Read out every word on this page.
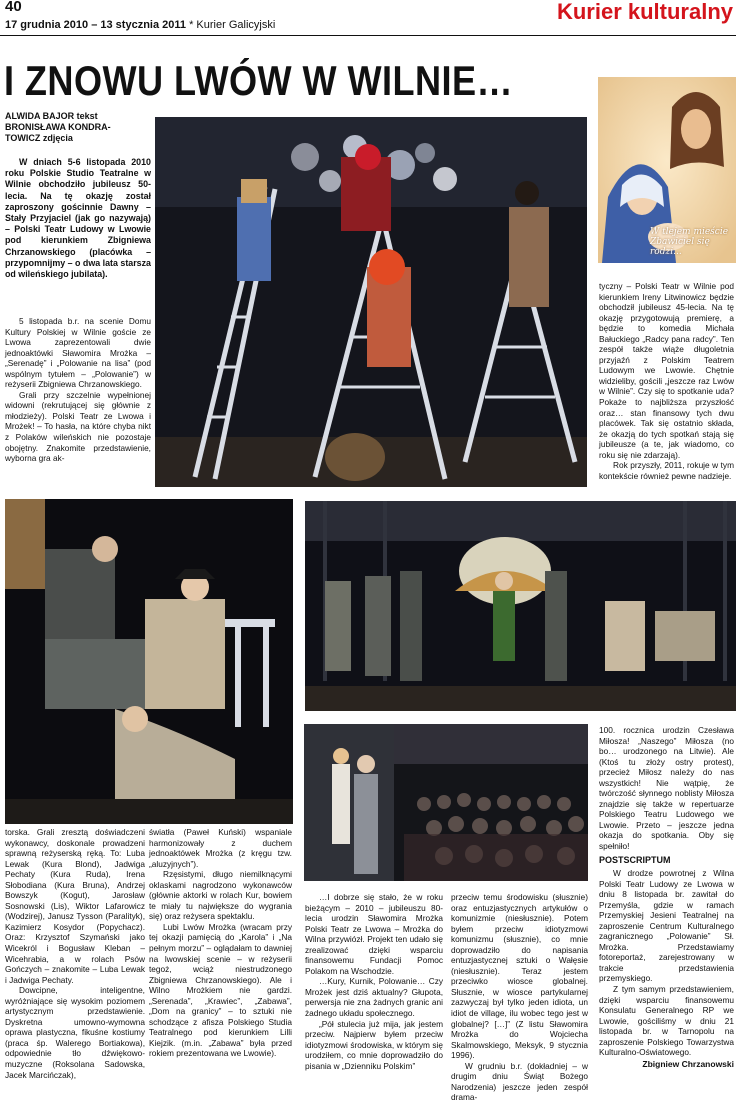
40
17 grudnia 2010 – 13 stycznia 2011 * Kurier Galicyjski
Kurier kulturalny
I ZNOWU LWÓW W WILNIE…
W tlejem mieście
Zbawiciel się rodzi...
ALWIDA BAJOR tekst
BRONISŁAWA KONDRA-
TOWICZ zdjęcia

W dniach 5-6 listopada 2010 roku Polskie Studio Teatralne w Wilnie obchodziło jubileusz 50-lecia. Na tę okazję został zaproszony gościnnie Dawny – Stały Przyjaciel (jak go nazywają) – Polski Teatr Ludowy w Lwowie pod kierunkiem Zbigniewa Chrzanowskiego (placówka – przypomnijmy – o dwa lata starsza od wileńskiego jubilata).

5 listopada b.r. na scenie Domu Kultury Polskiej w Wilnie goście ze Lwowa zaprezentowali dwie jednoaktówki Sławomira Mrożka – „Serenadę” i „Polowanie na lisa” (pod wspólnym tytułem – „Polowanie”) w reżyserii Zbigniewa Chrzanowskiego.

Grali przy szczelnie wypełnionej widowni (rekrutującej się głównie z młodzieży). Polski Teatr ze Lwowa i Mrożek! – To hasła, na które chyba nikt z Polaków wileńskich nie pozostaje obojętny. Znakomite przedstawienie, wyborna gra ak-

tyczny – Polski Teatr w Wilnie pod kierunkiem Ireny Litwinowicz będzie obchodził jubileusz 45-lecia. Na tę okazję przygotowują premierę, a będzie to komedia Michała Bałuckiego „Radcy pana radcy”. Ten zespół także wiąże długoletnia przyjaźń z Polskim Teatrem Ludowym we Lwowie. Chętnie widzieliby, gościli „jeszcze raz Lwów w Wilnie”. Czy się to spotkanie uda? Pokaże to najbliższa przyszłość oraz… stan finansowy tych dwu placówek. Tak się ostatnio składa, że okazją do tych spotkań stają się jubileusze (a te, jak wiadomo, co roku się nie zdarzają).

Rok przyszły, 2011, rokuje w tym kontekście również pewne nadzieje.

100. rocznica urodzin Czesława Miłosza! „Naszego” Miłosza (no bo… urodzonego na Litwie). Ale (Ktoś tu złoży ostry protest), przecież Miłosz należy do nas wszystkich! Nie wątpię, że twórczość słynnego noblisty Miłosza znajdzie się także w repertuarze Polskiego Teatru Ludowego we Lwowie. Przeto – jeszcze jedna okazja do spotkania. Oby się spełniło!

POSTSCRIPTUM

W drodze powrotnej z Wilna Polski Teatr Ludowy ze Lwowa w dniu 8 listopada br. zawitał do Przemyśla, gdzie w ramach Przemyskiej Jesieni Teatralnej na zaproszenie Centrum Kulturalnego zagranicznego „Polowanie” Sł. Mrożka. Przedstawiamy fotoreportaż, zarejestrowany w trakcie przedstawienia przemyskiego.

Z tym samym przedstawieniem, dzięki wsparciu finansowemu Konsulatu Generalnego RP we Lwowie, gościliśmy w dniu 21 listopada br. w Tarnopolu na zaproszenie Polskiego Towarzystwa Kulturalno-Oświatowego.

Zbigniew Chrzanowski

torska. Grali zresztą doświadczeni wykonawcy, doskonale prowadzeni sprawną reżyserską ręką. To: Luba Lewak (Kura Blond), Jadwiga Pechaty (Kura Ruda), Irena Słobodiana (Kura Bruna), Andrzej Bowszyk (Kogut), Jarosław Sosnowski (Lis), Wiktor Lafarowicz (Wodzirej), Janusz Tysson (Paralityk), Kazimierz Kosydor (Popychacz). Oraz: Krzysztof Szymański jako Wicekról i Bogusław Kleban – Wicehrabia, a w rolach Psów Gończych – znakomite – Luba Lewak i Jadwiga Pechaty.

Dowcipne, inteligentne, wyróżniające się wysokim poziomem artystycznym przedstawienie. Dyskretna umowno-wymowna oprawa plastyczna, fikuśne kostiumy (praca śp. Walerego Bortiakowa), odpowiednie tło dźwiękowo-muzyczne (Roksolana Sadowska, Jacek Marcińczak),

światła (Paweł Kuński) wspaniale harmonizowały z duchem jednoaktówek Mrożka (z kręgu tzw. „aluzyjnych”).

Rzęsistymi, długo niemilknącymi oklaskami nagrodzono wykonawców (głównie aktorki w rolach Kur, bowiem te miały tu największe do wygrania się) oraz reżysera spektaklu.

Lubi Lwów Mrożka (wracam przy tej okazji pamięcią do „Karola” i „Na pełnym morzu” – oglądałam to dawniej na lwowskiej scenie – w reżyserii tegoż, wciąż niestrudzonego Zbigniewa Chrzanowskiego). Ale i Wilno Mrożkiem nie gardzi. „Serenada”, „Krawiec”, „Zabawa”, „Dom na granicy” – to sztuki nie schodzące z afisza Polskiego Studia Teatralnego pod kierunkiem Lilli Kiejzik. (m.in. „Zabawa” była przed rokiem prezentowana we Lwowie).

…I dobrze się stało, że w roku bieżącym – 2010 – jubileuszu 80-lecia urodzin Sławomira Mrożka Polski Teatr ze Lwowa – Mrożka do Wilna przywiózł. Projekt ten udało się zrealizować dzięki wsparciu finansowemu Fundacji Pomoc Polakom na Wschodzie.

…Kury, Kurnik, Polowanie… Czy Mrożek jest dziś aktualny? Głupota, perwersja nie zna żadnych granic ani żadnego układu społecznego.

„Pół stulecia już mija, jak jestem przeciw. Najpierw byłem przeciw idiotyzmowi środowiska, w którym się urodziłem, co mnie doprowadziło do pisania w „Dzienniku Polskim”

przeciw temu środowisku (słusznie) oraz entuzjastycznych artykułów o komunizmie (niesłusznie). Potem byłem przeciw idiotyzmowi komunizmu (słusznie), co mnie doprowadziło do napisania entuzjastycznej sztuki o Wałęsie (niesłusznie). Teraz jestem przeciwko wiosce globalnej. Słusznie, w wiosce partykularnej zazwyczaj był tylko jeden idiota, un idiot de village, ilu wobec tego jest w globalnej? […]” (Z listu Sławomira Mrożka do Wojciecha Skalmowskiego, Meksyk, 9 stycznia 1996).

W grudniu b.r. (dokładniej – w drugim dniu Świąt Bożego Narodzenia) jeszcze jeden zespół drama-
